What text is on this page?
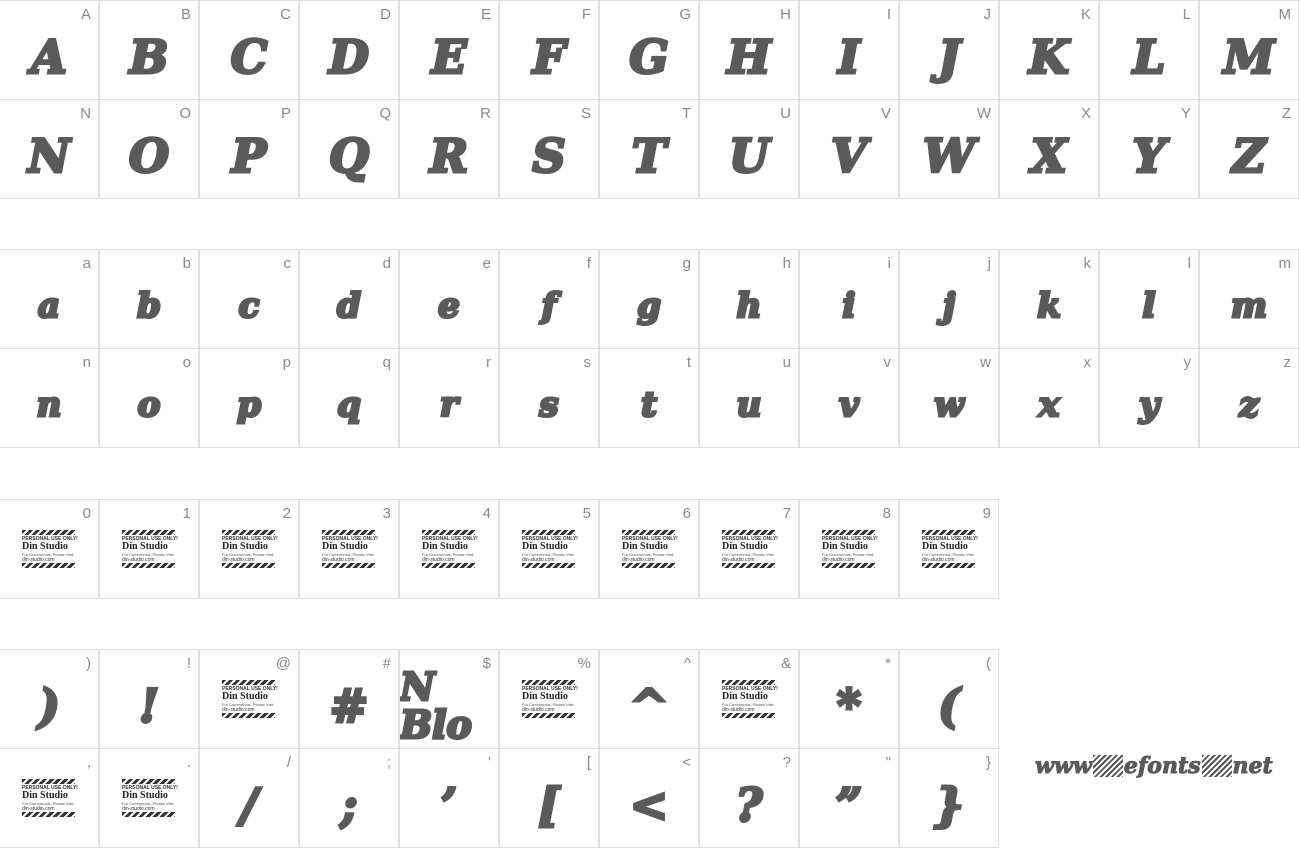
A
A
B
B
C
C
D
D
E
E
F
F
G
G
H
H
I
I
J
J
K
K
L
L
M
M
N
N
O
O
P
P
Q
Q
R
R
S
S
T
T
U
U
V
V
W
W
X
X
Y
Y
Z
Z
a
a
b
b
c
c
d
d
e
e
f
f
g
g
h
h
i
i
j
j
k
k
l
l
m
m
n
n
o
o
p
p
q
q
r
r
s
s
t
t
u
u
v
v
w
w
x
x
y
y
z
z
0
PERSONAL USE ONLY!
Din Studio
For Commercial, Please Visit
din-studio.com
1
PERSONAL USE ONLY!
Din Studio
For Commercial, Please Visit
din-studio.com
2
PERSONAL USE ONLY!
Din Studio
For Commercial, Please Visit
din-studio.com
3
PERSONAL USE ONLY!
Din Studio
For Commercial, Please Visit
din-studio.com
4
PERSONAL USE ONLY!
Din Studio
For Commercial, Please Visit
din-studio.com
5
PERSONAL USE ONLY!
Din Studio
For Commercial, Please Visit
din-studio.com
6
PERSONAL USE ONLY!
Din Studio
For Commercial, Please Visit
din-studio.com
7
PERSONAL USE ONLY!
Din Studio
For Commercial, Please Visit
din-studio.com
8
PERSONAL USE ONLY!
Din Studio
For Commercial, Please Visit
din-studio.com
9
PERSONAL USE ONLY!
Din Studio
For Commercial, Please Visit
din-studio.com
)
)
!
!
@
PERSONAL USE ONLY!
Din Studio
For Commercial, Please Visit
din-studio.com
#
#
$
N Blo
%
PERSONAL USE ONLY!
Din Studio
For Commercial, Please Visit
din-studio.com
^
^
&
PERSONAL USE ONLY!
Din Studio
For Commercial, Please Visit
din-studio.com
*
*
(
(
,
PERSONAL USE ONLY!
Din Studio
For Commercial, Please Visit
din-studio.com
.
PERSONAL USE ONLY!
Din Studio
For Commercial, Please Visit
din-studio.com
/
/
;
;
'
’
[
[
<
<
?
?
"
”
}
}
www efonts net
